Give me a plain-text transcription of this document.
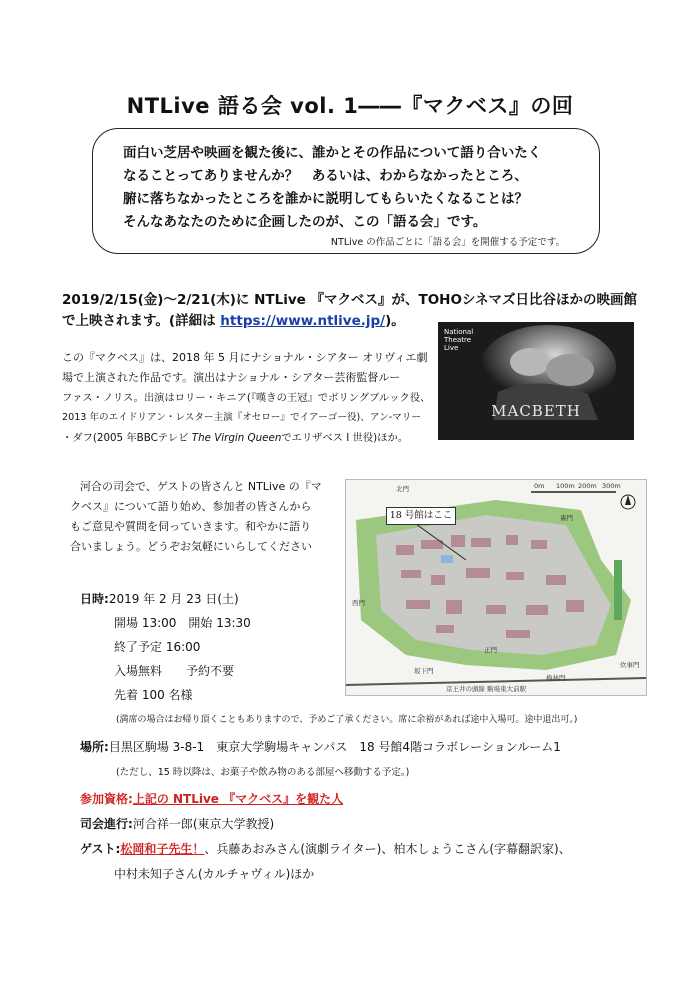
NTLive 語る会 vol. 1――『マクベス』の回
面白い芝居や映画を観た後に、誰かとその作品について語り合いたく
なることってありませんか？　あるいは、わからなかったところ、
腑に落ちなかったところを誰かに説明してもらいたくなることは？
そんなあなたのために企画したのが、この「語る会」です。
NTLive の作品ごとに「語る会」を開催する予定です。
2019/2/15(金)～2/21(木)に NTLive 『マクベス』が、TOHOシネマズ日比谷ほかの映画館
で上映されます。(詳細は https://www.ntlive.jp/)。
この『マクベス』は、2018 年 5 月にナショナル・シアター オリヴィエ劇
場で上演された作品です。演出はナショナル・シアター芸術監督ルー
ファス・ノリス。出演はロリー・キニア(『嘆きの王冠』でボリングブルック役、
2013 年のエイドリアン・レスター主演『オセロー』でイアーゴー役)、アン-マリー
・ダフ(2005 年BBCテレビ The Virgin Queenでエリザベス I 世役)ほか。
National
Theatre
Live
MACBETH
河合の司会で、ゲストの皆さんと NTLive の『マ
クベス』について語り始め、参加者の皆さんから
もご意見や質問を伺っていきます。和やかに語り
合いましょう。どうぞお気軽にいらしてください
18 号館はここ
北門
西門
正門
裏門
坂下門
炊事門
梅林門
京王井の頭線 駒場東大前駅
0m 100m 200m 300m
日時:2019 年 2 月 23 日(土)
開場 13:00　開始 13:30
終了予定 16:00
入場無料　　予約不要
先着 100 名様
(満席の場合はお帰り頂くこともありますので、予めご了承ください。席に余裕があれば途中入場可。途中退出可。)
場所:目黒区駒場 3-8-1　東京大学駒場キャンパス　18 号館4階コラボレーションルーム1
(ただし、15 時以降は、お菓子や飲み物のある部屋へ移動する予定。)
参加資格:上記の NTLive 『マクベス』を観た人
司会進行:河合祥一郎(東京大学教授)
ゲスト:松岡和子先生！、兵藤あおみさん(演劇ライター)、柏木しょうこさん(字幕翻訳家)、
中村未知子さん(カルチャヴィル)ほか
